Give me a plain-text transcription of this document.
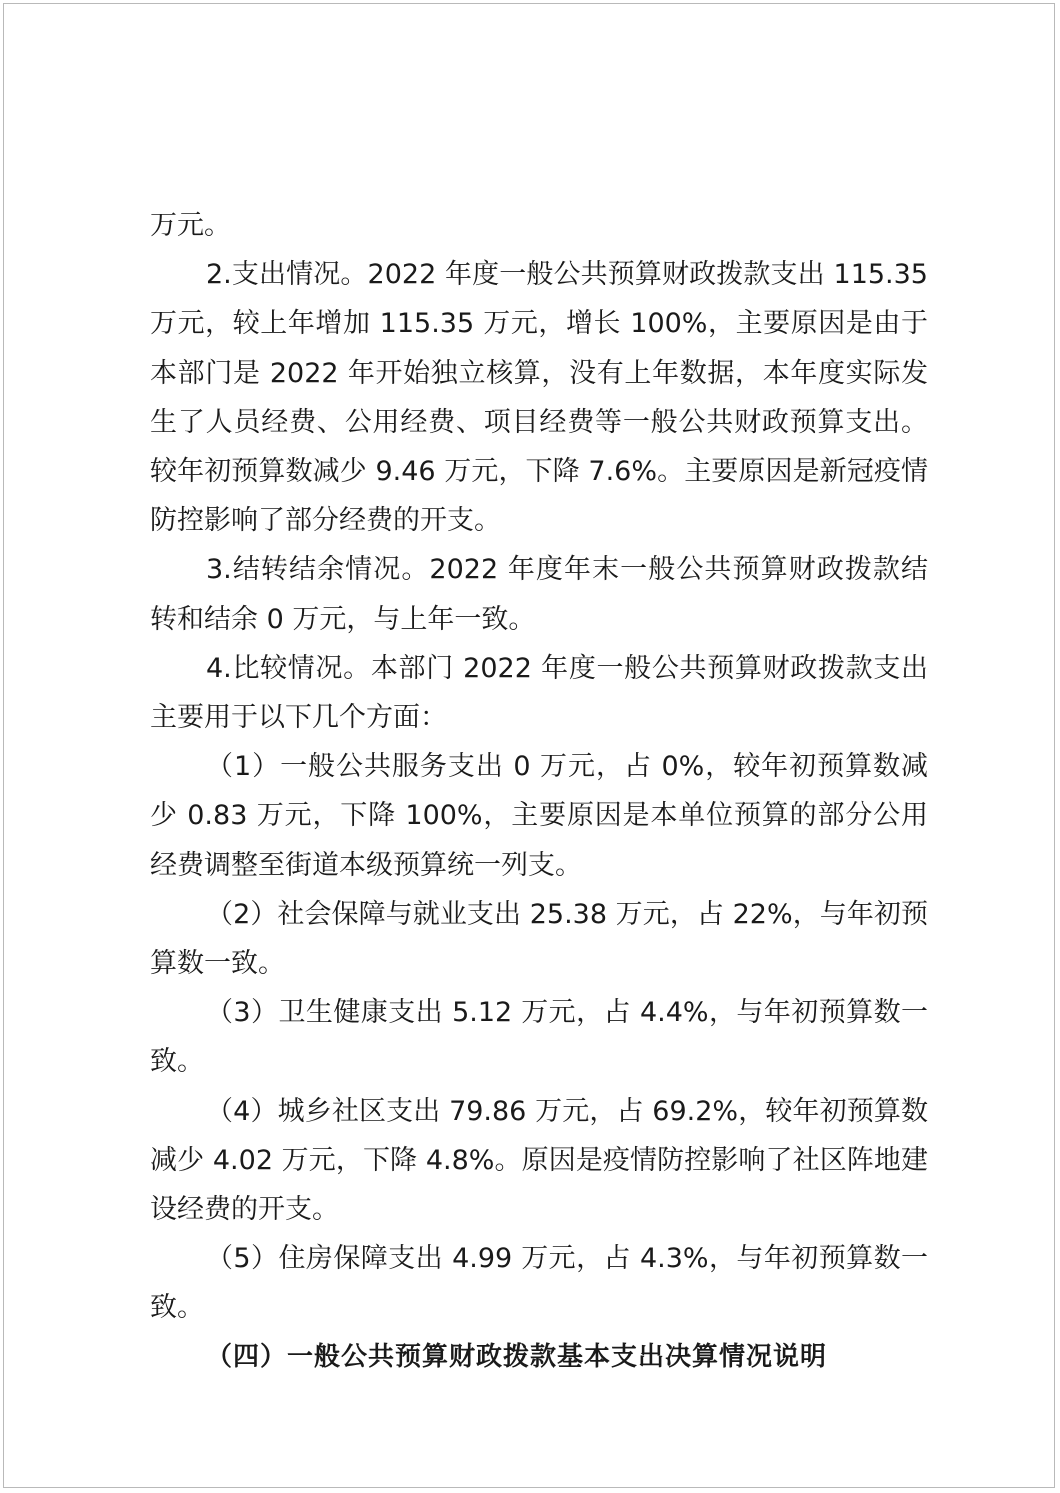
万元。

2.支出情况。2022 年度一般公共预算财政拨款支出 115.35 万元，较上年增加 115.35 万元，增长 100%，主要原因是由于本部门是 2022 年开始独立核算，没有上年数据，本年度实际发生了人员经费、公用经费、项目经费等一般公共财政预算支出。较年初预算数减少 9.46 万元，下降 7.6%。主要原因是新冠疫情防控影响了部分经费的开支。

3.结转结余情况。2022 年度年末一般公共预算财政拨款结转和结余 0 万元，与上年一致。

4.比较情况。本部门 2022 年度一般公共预算财政拨款支出主要用于以下几个方面：

（1）一般公共服务支出 0 万元，占 0%，较年初预算数减少 0.83 万元，下降 100%，主要原因是本单位预算的部分公用经费调整至街道本级预算统一列支。

（2）社会保障与就业支出 25.38 万元，占 22%，与年初预算数一致。

（3）卫生健康支出 5.12 万元，占 4.4%，与年初预算数一致。

（4）城乡社区支出 79.86 万元，占 69.2%，较年初预算数减少 4.02 万元，下降 4.8%。原因是疫情防控影响了社区阵地建设经费的开支。

（5）住房保障支出 4.99 万元，占 4.3%，与年初预算数一致。

（四）一般公共预算财政拨款基本支出决算情况说明
